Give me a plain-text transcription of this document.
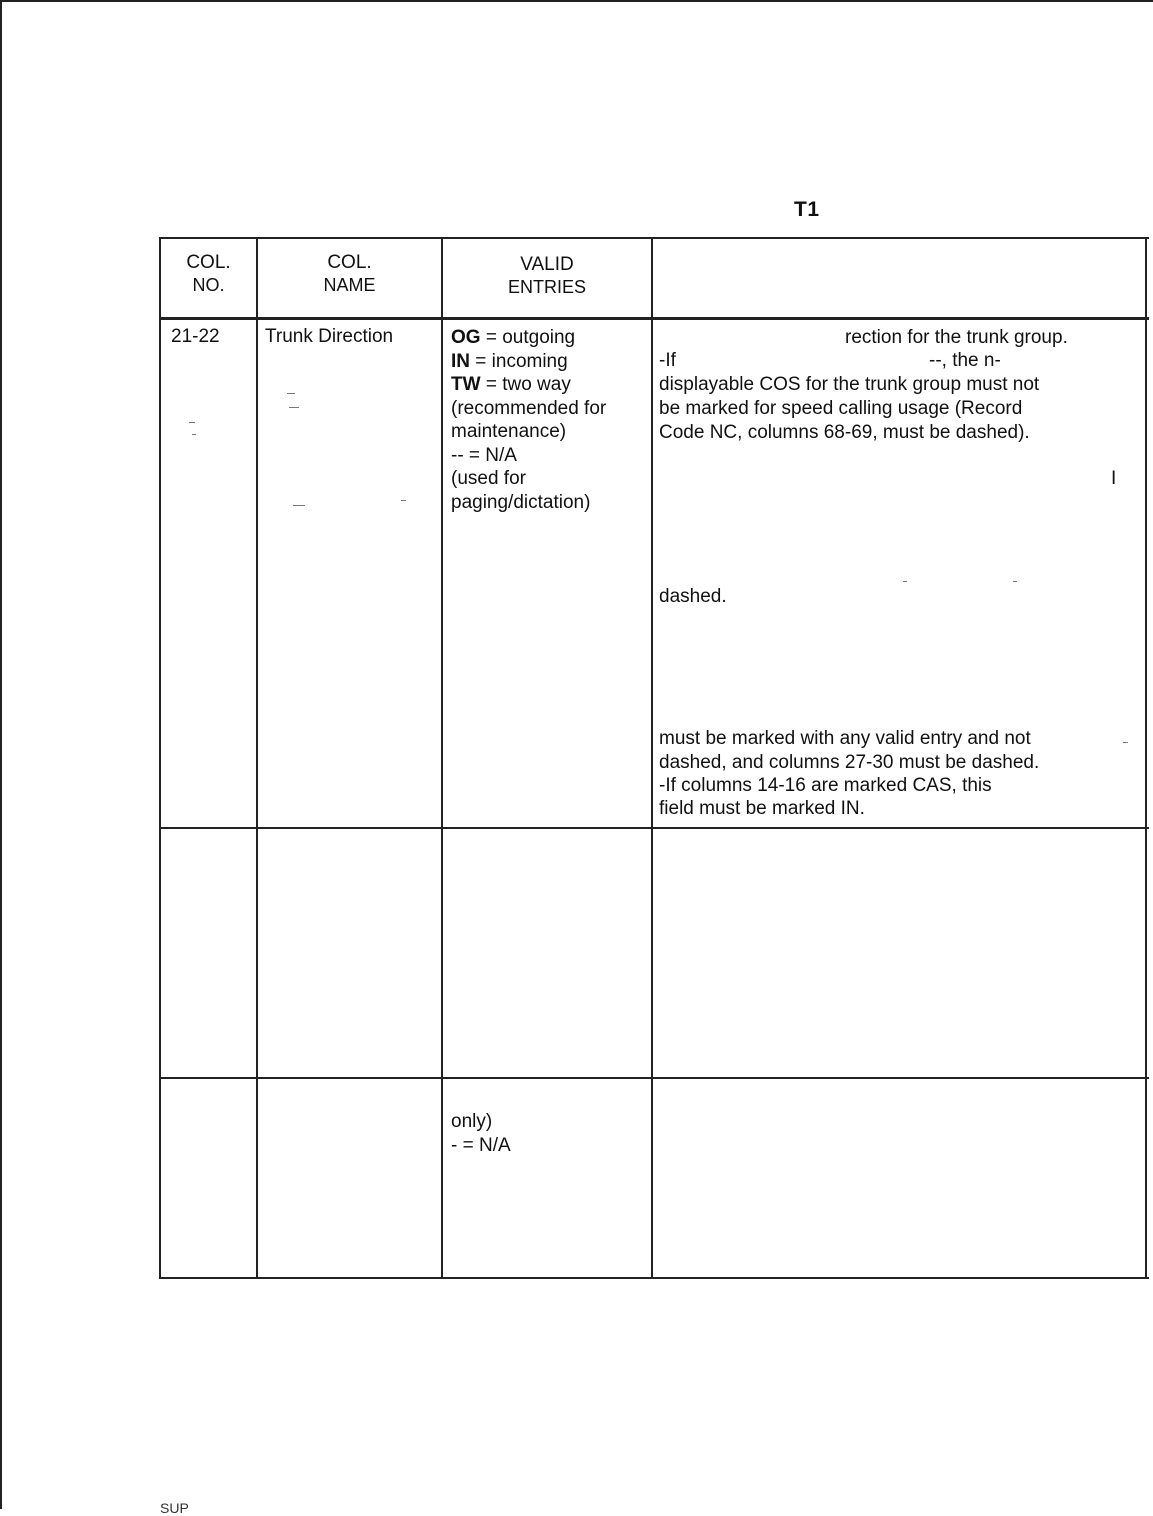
T1
COL.
NO.
COL.
NAME
VALID
ENTRIES
21-22 Trunk Direction	OG = outgoing
IN = incoming
TW = two way
(recommended for
maintenance)
-- = N/A
(used for
paging/dictation)
rection for the trunk group.
-If	--, the n-
displayable COS for the trunk group must not
be marked for speed calling usage (Record
Code NC, columns 68-69, must be dashed).
I
dashed.
must be marked with any valid entry and not
dashed, and columns 27-30 must be dashed.
-If columns 14-16 are marked CAS, this
field must be marked IN.
only)
- = N/A
SUP
